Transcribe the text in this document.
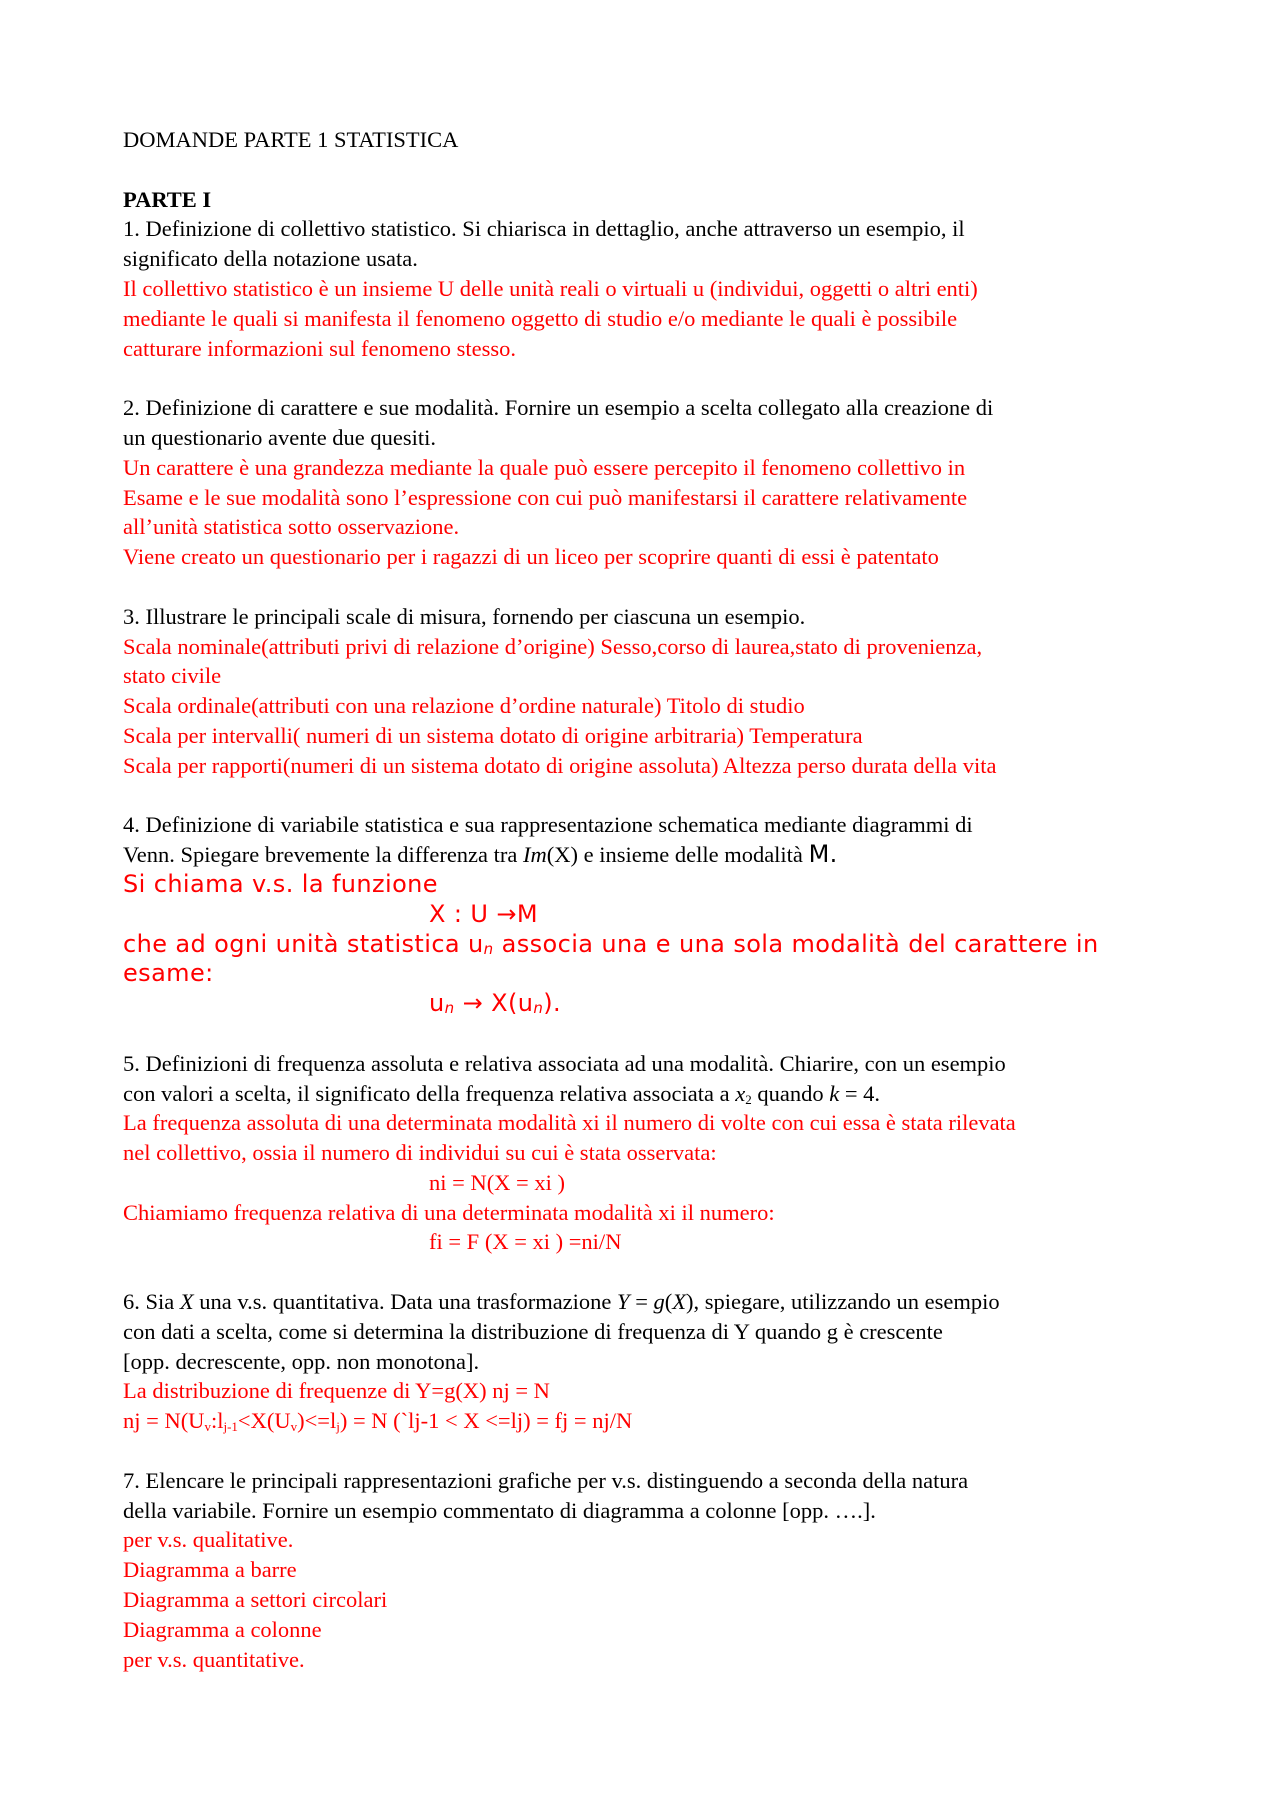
DOMANDE PARTE 1 STATISTICA
PARTE I
1. Definizione di collettivo statistico. Si chiarisca in dettaglio, anche attraverso un esempio, il
significato della notazione usata.
Il collettivo statistico è un insieme U delle unità reali o virtuali u (individui, oggetti o altri enti)
mediante le quali si manifesta il fenomeno oggetto di studio e/o mediante le quali è possibile
catturare informazioni sul fenomeno stesso.
2. Definizione di carattere e sue modalità. Fornire un esempio a scelta collegato alla creazione di
un questionario avente due quesiti.
Un carattere è una grandezza mediante la quale può essere percepito il fenomeno collettivo in
Esame e le sue modalità sono l’espressione con cui può manifestarsi il carattere relativamente
all’unità statistica sotto osservazione.
Viene creato un questionario per i ragazzi di un liceo per scoprire quanti di essi è patentato
3. Illustrare le principali scale di misura, fornendo per ciascuna un esempio.
Scala nominale(attributi privi di relazione d’origine) Sesso,corso di laurea,stato di provenienza,
stato civile
Scala ordinale(attributi con una relazione d’ordine naturale) Titolo di studio
Scala per intervalli( numeri di un sistema dotato di origine arbitraria) Temperatura
Scala per rapporti(numeri di un sistema dotato di origine assoluta) Altezza perso durata della vita
4. Definizione di variabile statistica e sua rappresentazione schematica mediante diagrammi di
Venn. Spiegare brevemente la differenza tra Im(X) e insieme delle modalità M.
Si chiama v.s. la funzione
X : U →M
che ad ogni unità statistica un associa una e una sola modalità del carattere in
esame:
un → X(un).
5. Definizioni di frequenza assoluta e relativa associata ad una modalità. Chiarire, con un esempio
con valori a scelta, il significato della frequenza relativa associata a $x_2$ quando k = 4.
La frequenza assoluta di una determinata modalità xi il numero di volte con cui essa è stata rilevata
nel collettivo, ossia il numero di individui su cui è stata osservata:
ni = N(X = xi )
Chiamiamo frequenza relativa di una determinata modalità xi il numero:
fi = F (X = xi ) =ni/N
6. Sia X una v.s. quantitativa. Data una trasformazione Y = g(X), spiegare, utilizzando un esempio
con dati a scelta, come si determina la distribuzione di frequenza di Y quando g è crescente
[opp. decrescente, opp. non monotona].
La distribuzione di frequenze di Y=g(X) nj = N
nj = $N(U_v:l_{j-1}<X(U_v)<=l_j) = N$ (`lj-1 < X <=lj) = fj = nj/N
7. Elencare le principali rappresentazioni grafiche per v.s. distinguendo a seconda della natura
della variabile. Fornire un esempio commentato di diagramma a colonne [opp. ….].
per v.s. qualitative.
Diagramma a barre
Diagramma a settori circolari
Diagramma a colonne
per v.s. quantitative.
